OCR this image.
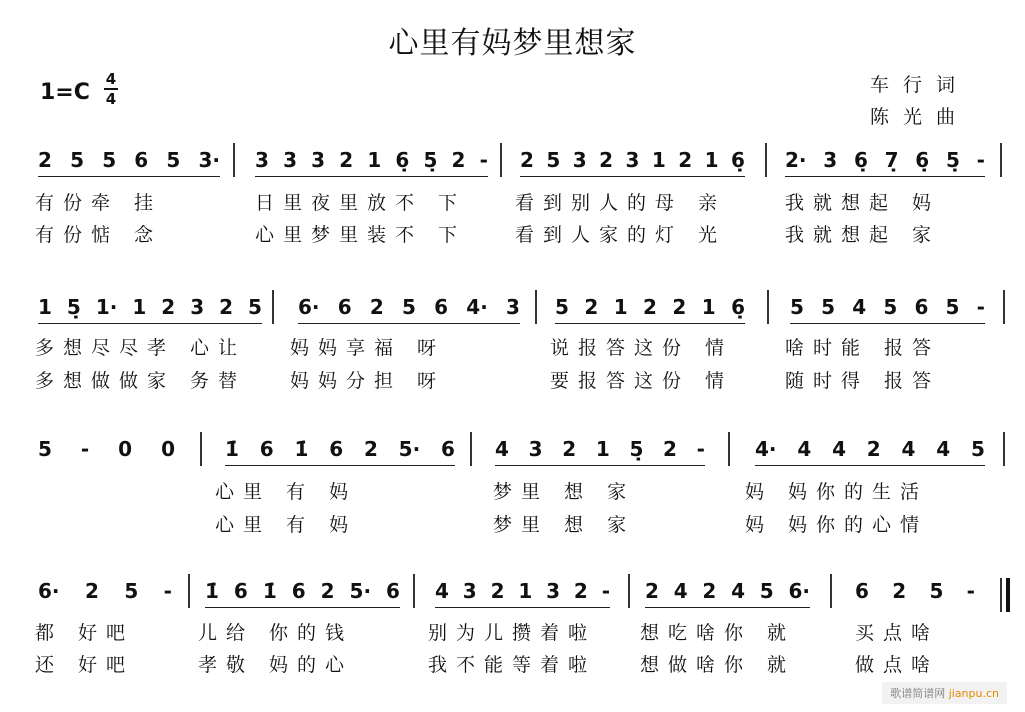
心里有妈梦里想家
1=C
4
4
车行词
陈光曲
2 5 5 6 5 3·
有份牵 挂
有份惦 念
3 3 3 2 1 6̣ 5̣ 2 -
日里夜里放不 下
心里梦里装不 下
2 5 3 2 3 1 2 1 6̣
看到别人的母 亲
看到人家的灯 光
2· 3 6̣ 7̣ 6̣ 5̣ -
我就想起 妈
我就想起 家
1 5̣ 1· 1 2 3 2 5
多想尽尽孝 心让
多想做做家 务替
6· 6 2 5 6 4· 3
妈妈享福 呀
妈妈分担 呀
5 2 1 2 2 1 6̣
说报答这份 情
要报答这份 情
5 5 4 5 6 5 -
啥时能 报答
随时得 报答
5 - 0 0	1̇ 6 1̇ 6 2 5· 6
心里 有 妈
心里 有 妈
4 3 2 1 5̣ 2 -
梦里 想 家
梦里 想 家
4· 4 4 2 4 4 5
妈 妈你的生活
妈 妈你的心情
6· 2 5 -
都 好吧
还 好吧
1̇ 6 1̇ 6 2 5· 6
儿给 你的钱
孝敬 妈的心
4 3 2 1 3 2 -
别为儿攒着啦
我不能等着啦
2 4 2 4 5 6·
想吃啥你 就
想做啥你 就
6 2 5 -
买点啥
做点啥
歌谱简谱网 jianpu.cn
